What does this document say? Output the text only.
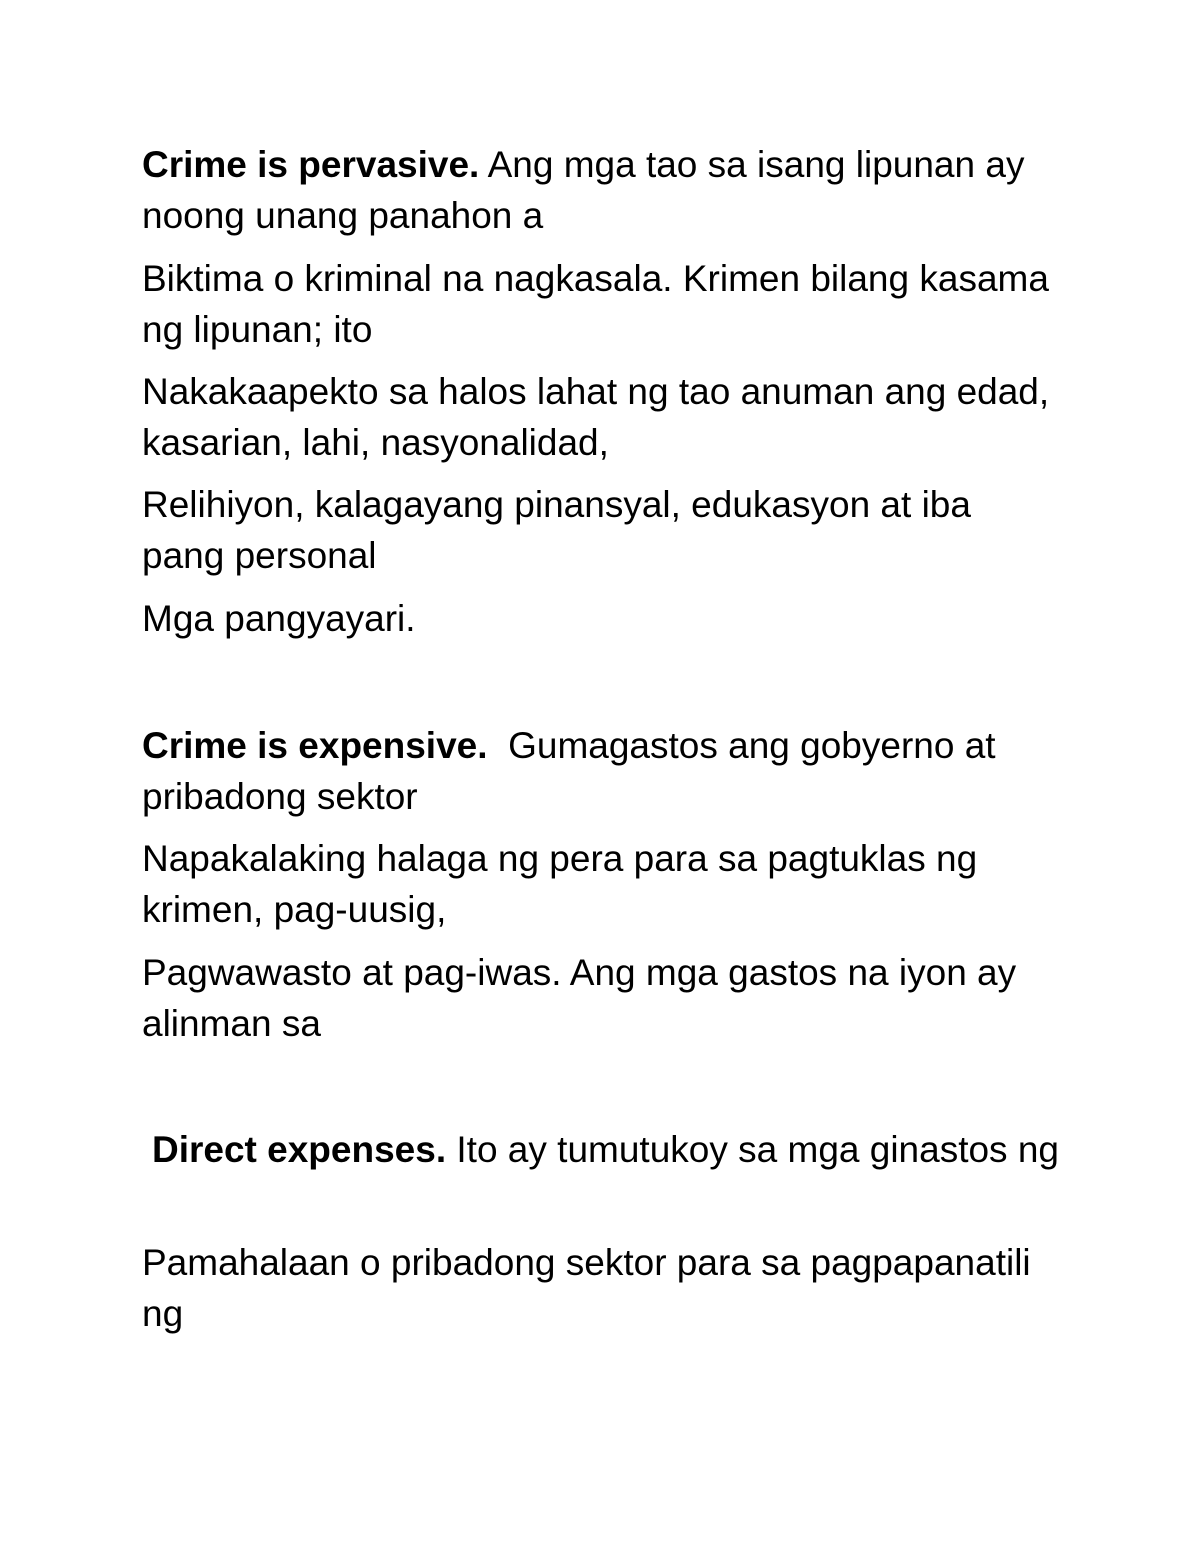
Crime is pervasive. Ang mga tao sa isang lipunan ay noong unang panahon a

Biktima o kriminal na nagkasala. Krimen bilang kasama ng lipunan; ito

Nakakaapekto sa halos lahat ng tao anuman ang edad, kasarian, lahi, nasyonalidad,

Relihiyon, kalagayang pinansyal, edukasyon at iba pang personal

Mga pangyayari.

Crime is expensive. Gumagastos ang gobyerno at pribadong sektor

Napakalaking halaga ng pera para sa pagtuklas ng krimen, pag-uusig,

Pagwawasto at pag-iwas. Ang mga gastos na iyon ay alinman sa

Direct expenses. Ito ay tumutukoy sa mga ginastos ng

Pamahalaan o pribadong sektor para sa pagpapanatili ng
